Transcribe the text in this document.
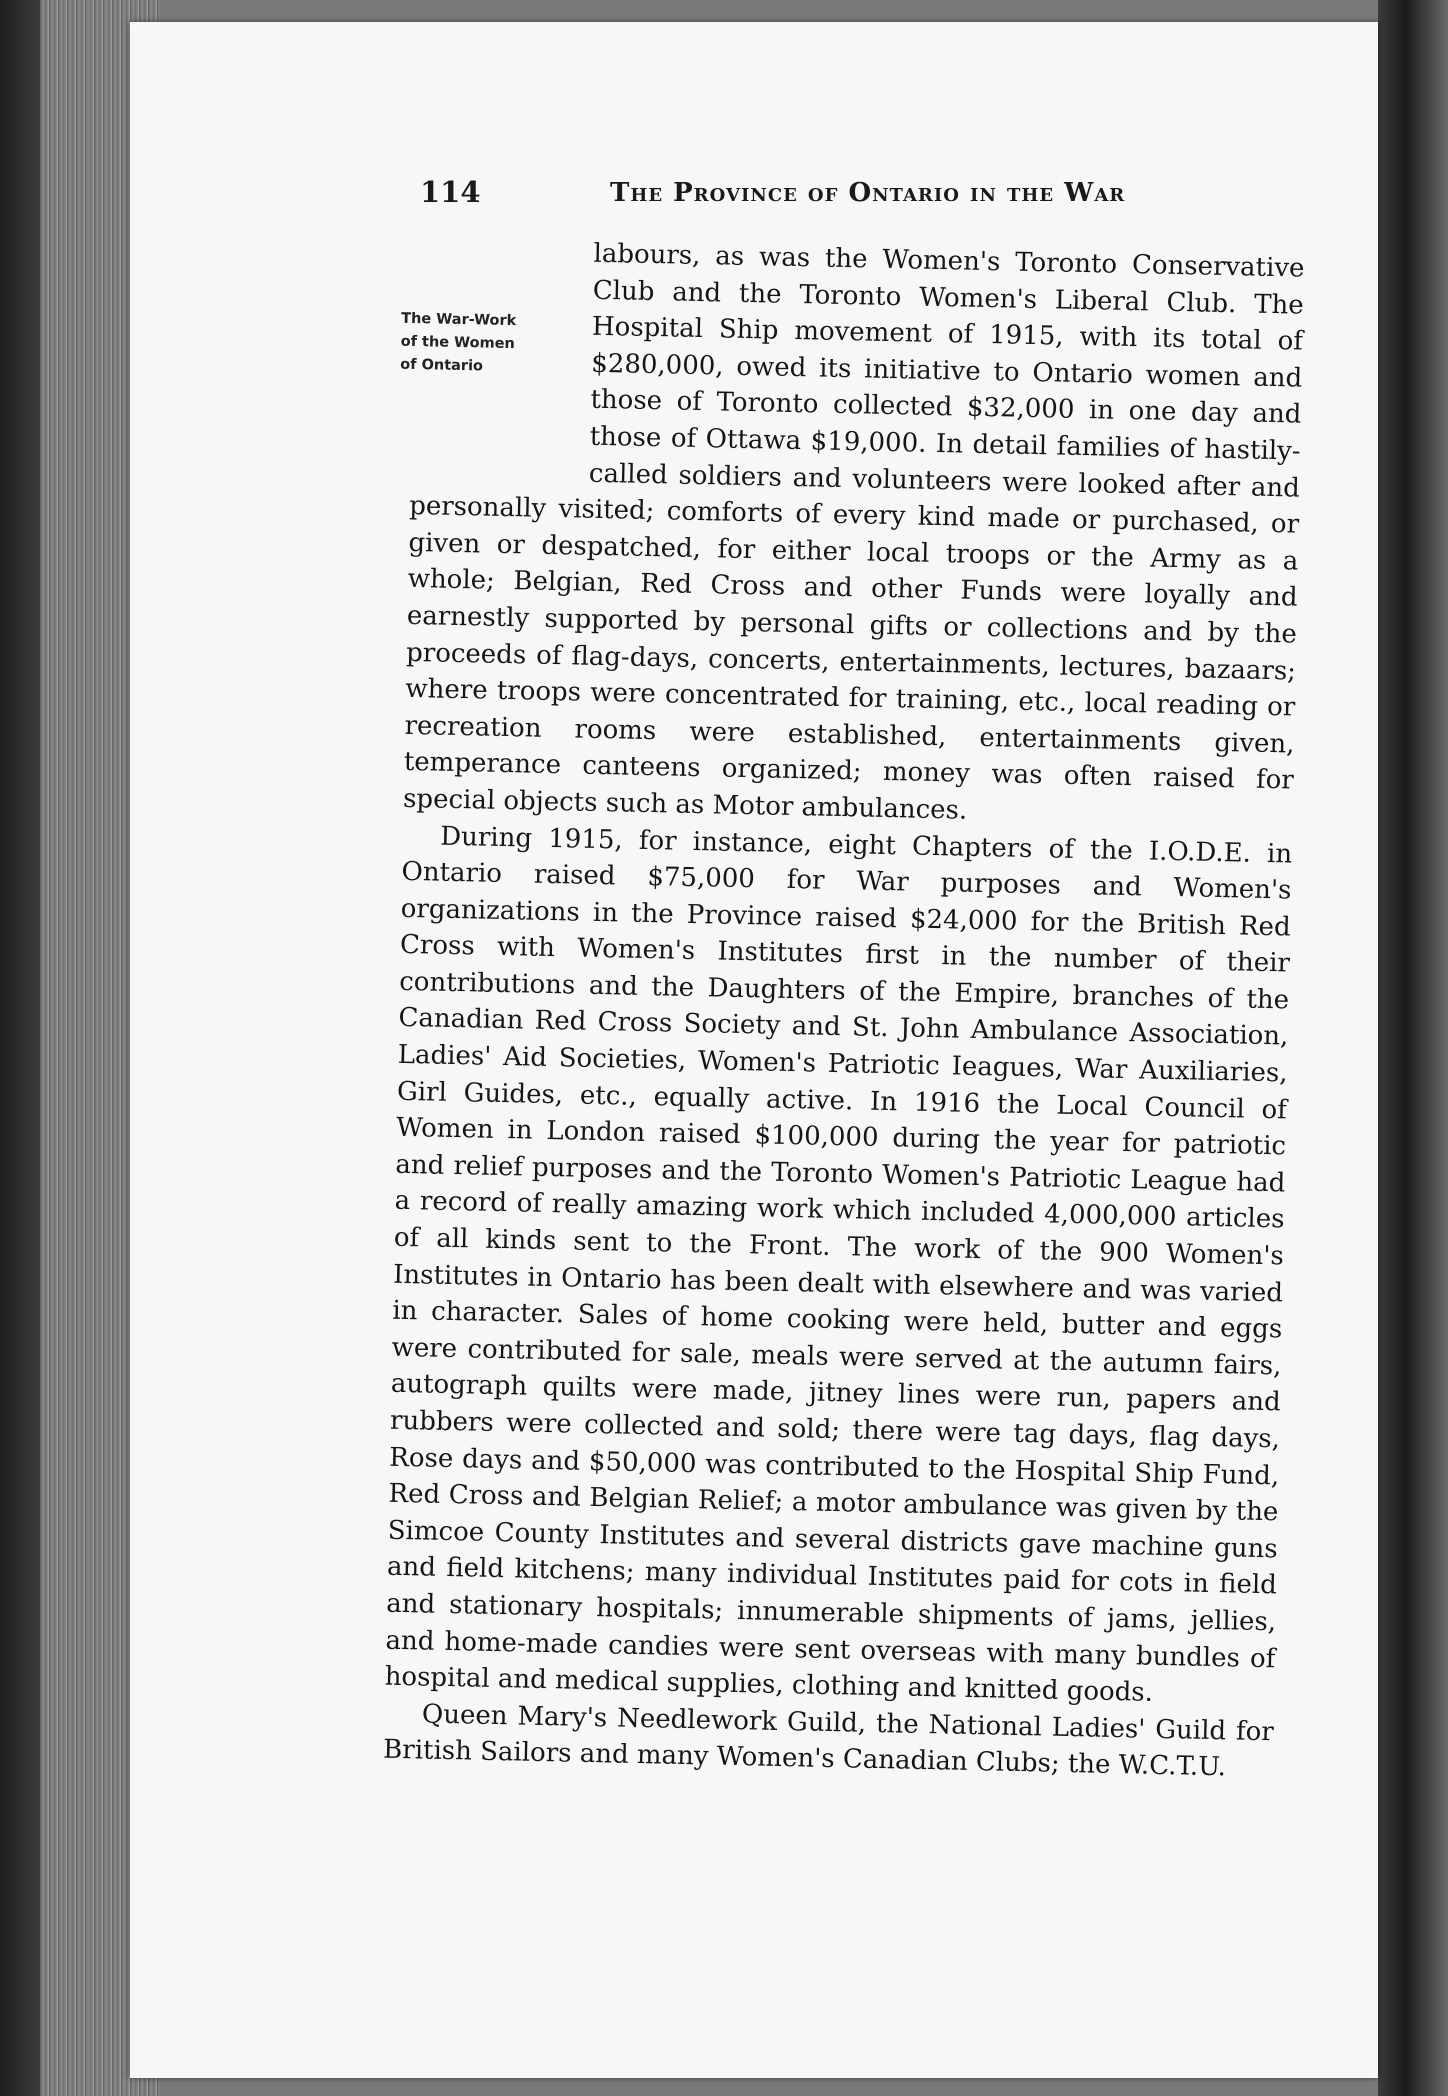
114	The Province of Ontario in the War
The War-Work
of the Women
of Ontario

labours, as was the Women's Toronto Conservative Club and the Toronto Women's Liberal Club. The Hospital Ship movement of 1915, with its total of $280,000, owed its initiative to Ontario women and those of Toronto collected $32,000 in one day and those of Ottawa $19,000. In detail families of hastily-called soldiers and volunteers were looked after and personally visited; comforts of every kind made or purchased, or given or despatched, for either local troops or the Army as a whole; Belgian, Red Cross and other Funds were loyally and earnestly supported by personal gifts or collections and by the proceeds of flag-days, concerts, entertainments, lectures, bazaars; where troops were concentrated for training, etc., local reading or recreation rooms were established, entertainments given, temperance canteens organized; money was often raised for special objects such as Motor ambulances.

During 1915, for instance, eight Chapters of the I.O.D.E. in Ontario raised $75,000 for War purposes and Women's organizations in the Province raised $24,000 for the British Red Cross with Women's Institutes first in the number of their contributions and the Daughters of the Empire, branches of the Canadian Red Cross Society and St. John Ambulance Association, Ladies' Aid Societies, Women's Patriotic Ieagues, War Auxiliaries, Girl Guides, etc., equally active. In 1916 the Local Council of Women in London raised $100,000 during the year for patriotic and relief purposes and the Toronto Women's Patriotic League had a record of really amazing work which included 4,000,000 articles of all kinds sent to the Front. The work of the 900 Women's Institutes in Ontario has been dealt with elsewhere and was varied in character. Sales of home cooking were held, butter and eggs were contributed for sale, meals were served at the autumn fairs, autograph quilts were made, jitney lines were run, papers and rubbers were collected and sold; there were tag days, flag days, Rose days and $50,000 was contributed to the Hospital Ship Fund, Red Cross and Belgian Relief; a motor ambulance was given by the Simcoe County Institutes and several districts gave machine guns and field kitchens; many individual Institutes paid for cots in field and stationary hospitals; innumerable shipments of jams, jellies, and home-made candies were sent overseas with many bundles of hospital and medical supplies, clothing and knitted goods.

Queen Mary's Needlework Guild, the National Ladies' Guild for British Sailors and many Women's Canadian Clubs; the W.C.T.U.
